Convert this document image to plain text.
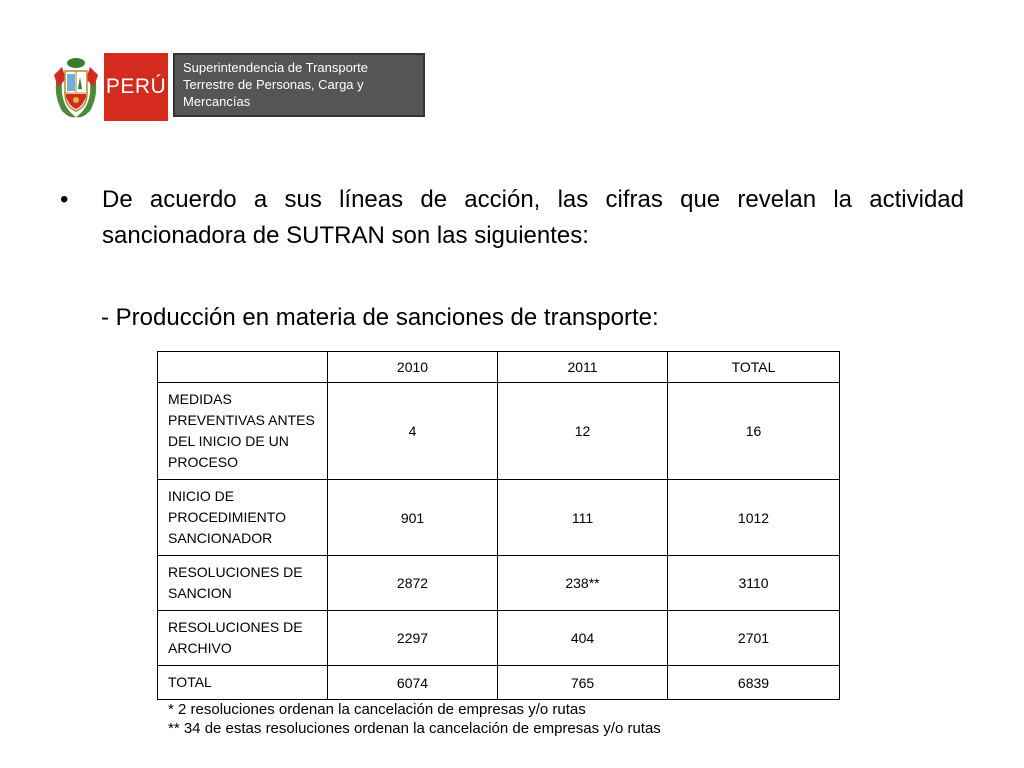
PERÚ
Superintendencia de Transporte
Terrestre de Personas, Carga y
Mercancías
•	De acuerdo a sus líneas de acción, las cifras que revelan la actividad sancionadora de SUTRAN son las siguientes:
- Producción en materia de sanciones de transporte:
	2010	2011	TOTAL
MEDIDAS PREVENTIVAS ANTES DEL INICIO DE UN PROCESO	4	12	16
INICIO DE PROCEDIMIENTO SANCIONADOR	901	111	1012
RESOLUCIONES DE SANCION	2872	238**	3110
RESOLUCIONES DE ARCHIVO	2297	404	2701
TOTAL	6074	765	6839
* 2 resoluciones ordenan la cancelación de empresas y/o rutas
** 34 de estas resoluciones ordenan la cancelación de empresas y/o rutas
